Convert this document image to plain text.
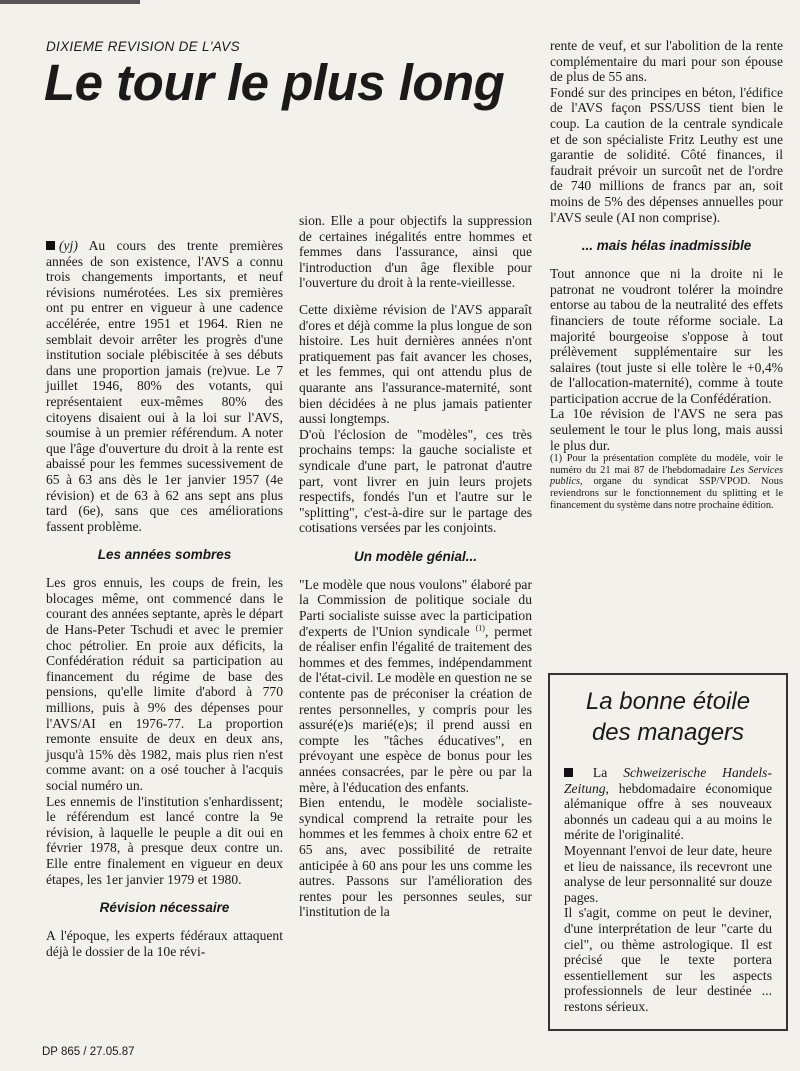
DIXIEME REVISION DE L'AVS
Le tour le plus long

(yj) Au cours des trente premières années de son existence, l'AVS a connu trois changements importants, et neuf révisions numérotées. Les six premières ont pu entrer en vigueur à une cadence accélérée, entre 1951 et 1964. Rien ne semblait devoir arrêter les progrès d'une institution sociale plébiscitée à ses débuts dans une proportion jamais (re)vue. Le 7 juillet 1946, 80% des votants, qui représentaient eux-mêmes 80% des citoyens disaient oui à la loi sur l'AVS, soumise à un premier référendum. A noter que l'âge d'ouverture du droit à la rente est abaissé pour les femmes sucessivement de 65 à 63 ans dès le 1er janvier 1957 (4e révision) et de 63 à 62 ans sept ans plus tard (6e), sans que ces améliorations fassent problème.

Les années sombres

Les gros ennuis, les coups de frein, les blocages même, ont commencé dans le courant des années septante, après le départ de Hans-Peter Tschudi et avec le premier choc pétrolier. En proie aux déficits, la Confédération réduit sa participation au financement du régime de base des pensions, qu'elle limite d'abord à 770 millions, puis à 9% des dépenses pour l'AVS/AI en 1976-77. La proportion remonte ensuite de deux en deux ans, jusqu'à 15% dès 1982, mais plus rien n'est comme avant: on a osé toucher à l'acquis social numéro un.

Les ennemis de l'institution s'enhardissent; le référendum est lancé contre la 9e révision, à laquelle le peuple a dit oui en février 1978, à presque deux contre un. Elle entre finalement en vigueur en deux étapes, les 1er janvier 1979 et 1980.

Révision nécessaire

A l'époque, les experts fédéraux attaquent déjà le dossier de la 10e révi-

sion. Elle a pour objectifs la suppression de certaines inégalités entre hommes et femmes dans l'assurance, ainsi que l'introduction d'un âge flexible pour l'ouverture du droit à la rente-vieillesse.

Cette dixième révision de l'AVS apparaît d'ores et déjà comme la plus longue de son histoire. Les huit dernières années n'ont pratiquement pas fait avancer les choses, et les femmes, qui ont attendu plus de quarante ans l'assurance-maternité, sont bien décidées à ne plus jamais patienter aussi longtemps.

D'où l'éclosion de "modèles", ces très prochains temps: la gauche socialiste et syndicale d'une part, le patronat d'autre part, vont livrer en juin leurs projets respectifs, fondés l'un et l'autre sur le "splitting", c'est-à-dire sur le partage des cotisations versées par les conjoints.

Un modèle génial...

"Le modèle que nous voulons" élaboré par la Commission de politique sociale du Parti socialiste suisse avec la participation d'experts de l'Union syndicale $^{(1)}$, permet de réaliser enfin l'égalité de traitement des hommes et des femmes, indépendamment de l'état-civil. Le modèle en question ne se contente pas de préconiser la création de rentes personnelles, y compris pour les assuré(e)s marié(e)s; il prend aussi en compte les "tâches éducatives", en prévoyant une espèce de bonus pour les années consacrées, par le père ou par la mère, à l'éducation des enfants.

Bien entendu, le modèle socialiste-syndical comprend la retraite pour les hommes et les femmes à choix entre 62 et 65 ans, avec possibilité de retraite anticipée à 60 ans pour les uns comme les autres. Passons sur l'amélioration des rentes pour les personnes seules, sur l'institution de la

rente de veuf, et sur l'abolition de la rente complémentaire du mari pour son épouse de plus de 55 ans.

Fondé sur des principes en béton, l'édifice de l'AVS façon PSS/USS tient bien le coup. La caution de la centrale syndicale et de son spécialiste Fritz Leuthy est une garantie de solidité. Côté finances, il faudrait prévoir un surcoût net de l'ordre de 740 millions de francs par an, soit moins de 5% des dépenses annuelles pour l'AVS seule (AI non comprise).

... mais hélas inadmissible

Tout annonce que ni la droite ni le patronat ne voudront tolérer la moindre entorse au tabou de la neutralité des effets financiers de toute réforme sociale. La majorité bourgeoise s'oppose à tout prélèvement supplémentaire sur les salaires (tout juste si elle tolère le +0,4% de l'allocation-maternité), comme à toute participation accrue de la Confédération.

La 10e révision de l'AVS ne sera pas seulement le tour le plus long, mais aussi le plus dur.

(1) Pour la présentation complète du modèle, voir le numéro du 21 mai 87 de l'hebdomadaire Les Services publics, organe du syndicat SSP/VPOD. Nous reviendrons sur le fonctionnement du splitting et le financement du système dans notre prochaine édition.

La bonne étoile
des managers

La Schweizerische Handels-Zeitung, hebdomadaire économique alémanique offre à ses nouveaux abonnés un cadeau qui a au moins le mérite de l'originalité.

Moyennant l'envoi de leur date, heure et lieu de naissance, ils recevront une analyse de leur personnalité sur douze pages.

Il s'agit, comme on peut le deviner, d'une interprétation de leur "carte du ciel", ou thème astrologique. Il est précisé que le texte portera essentiellement sur les aspects professionnels de leur destinée ... restons sérieux.

DP 865 / 27.05.87
